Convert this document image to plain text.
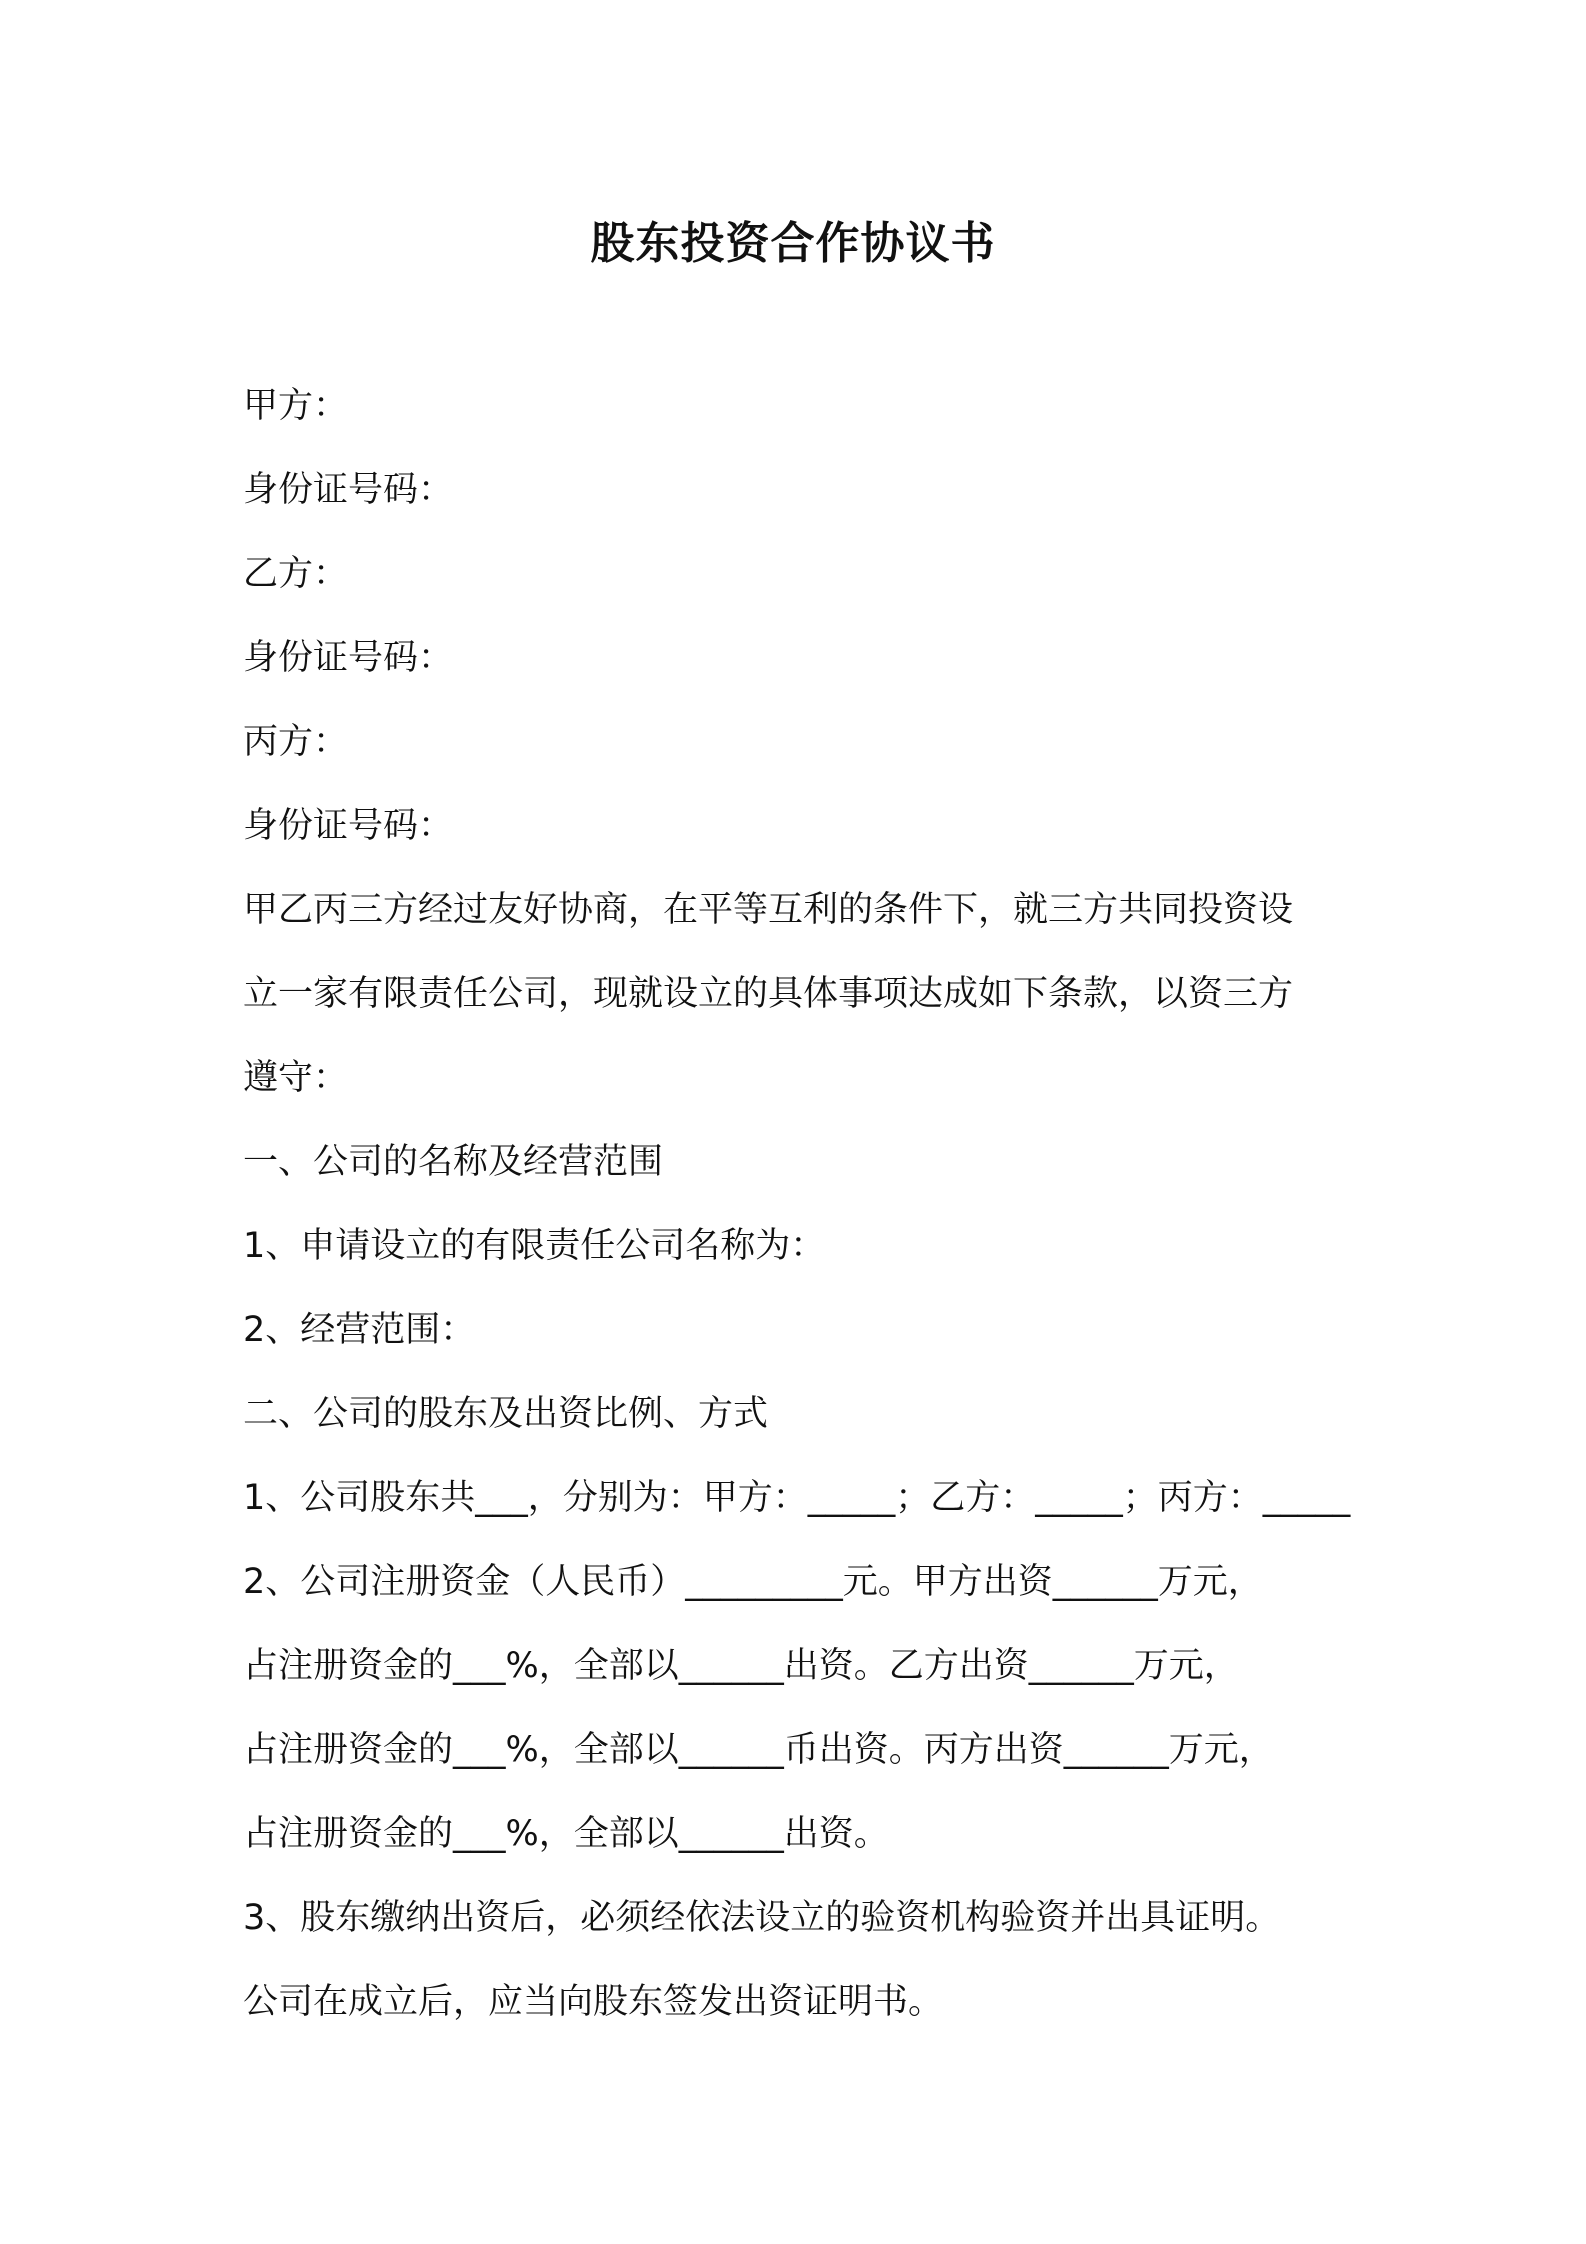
股东投资合作协议书
甲方：
身份证号码：
乙方：
身份证号码：
丙方：
身份证号码：
甲乙丙三方经过友好协商，在平等互利的条件下，就三方共同投资设
立一家有限责任公司，现就设立的具体事项达成如下条款，以资三方
遵守：
一、公司的名称及经营范围
1、申请设立的有限责任公司名称为：
2、经营范围：
二、公司的股东及出资比例、方式
1、公司股东共___，分别为：甲方：_____；乙方：_____；丙方：_____
2、公司注册资金（人民币）_________元。甲方出资______万元，
占注册资金的___%，全部以______出资。乙方出资______万元，
占注册资金的___%，全部以______币出资。丙方出资______万元，
占注册资金的___%，全部以______出资。
3、股东缴纳出资后，必须经依法设立的验资机构验资并出具证明。
公司在成立后，应当向股东签发出资证明书。
